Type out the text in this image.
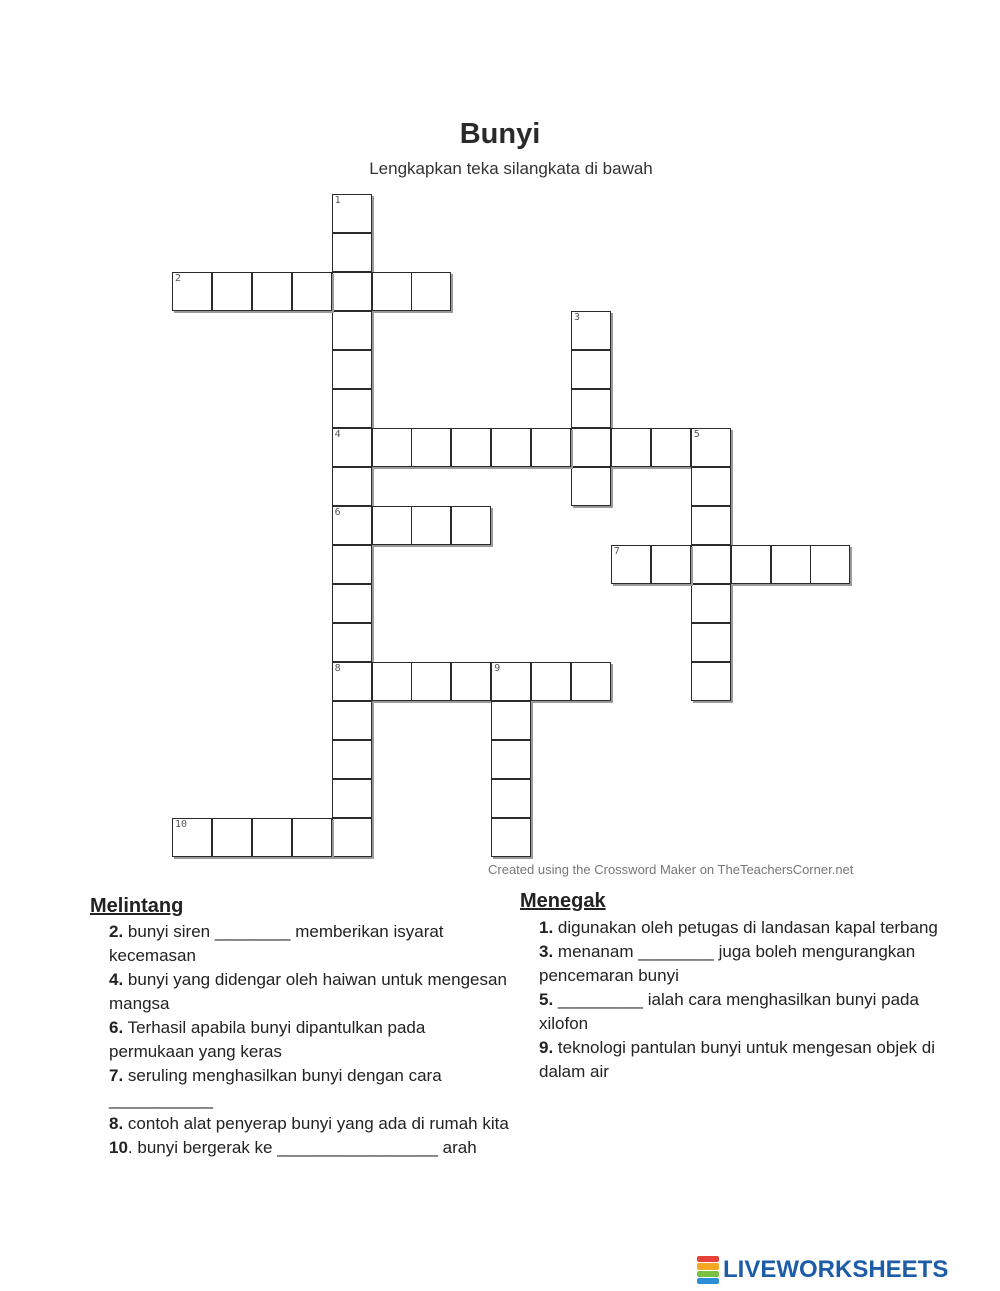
Bunyi
Lengkapkan teka silangkata di bawah
1
4
6
8
2
3
5
7
9
10
Created using the Crossword Maker on TheTeachersCorner.net
Melintang
2. bunyi siren ________ memberikan isyarat kecemasan
4. bunyi yang didengar oleh haiwan untuk mengesan mangsa
6. Terhasil apabila bunyi dipantulkan pada permukaan yang keras
7. seruling menghasilkan bunyi dengan cara ___________
8. contoh alat penyerap bunyi yang ada di rumah kita
10. bunyi bergerak ke _________________ arah
Menegak
1. digunakan oleh petugas di landasan kapal terbang
3. menanam ________ juga boleh mengurangkan pencemaran bunyi
5. _________ ialah cara menghasilkan bunyi pada xilofon
9. teknologi pantulan bunyi untuk mengesan objek di dalam air
LIVEWORKSHEETS
